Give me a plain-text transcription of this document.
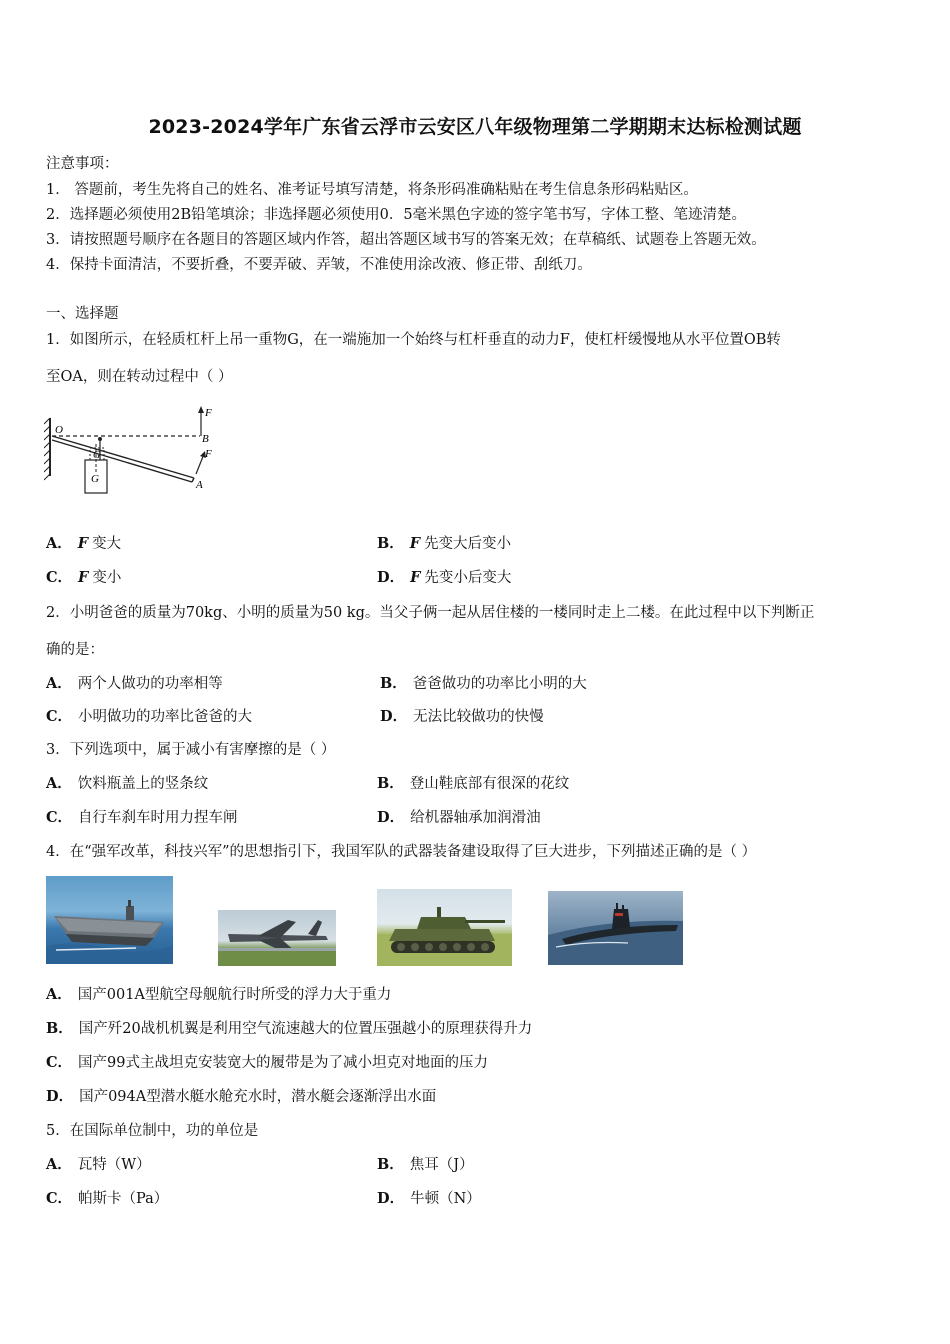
2023-2024学年广东省云浮市云安区八年级物理第二学期期末达标检测试题
注意事项：
1． 答题前，考生先将自己的姓名、准考证号填写清楚，将条形码准确粘贴在考生信息条形码粘贴区。
2．选择题必须使用2B铅笔填涂；非选择题必须使用0．5毫米黑色字迹的签字笔书写，字体工整、笔迹清楚。
3．请按照题号顺序在各题目的答题区域内作答，超出答题区域书写的答案无效；在草稿纸、试题卷上答题无效。
4．保持卡面清洁，不要折叠，不要弄破、弄皱，不准使用涂改液、修正带、刮纸刀。
一、选择题
1．如图所示，在轻质杠杆上吊一重物G，在一端施加一个始终与杠杆垂直的动力F，使杠杆缓慢地从水平位置OB转
至OA，则在转动过程中（ ）
O
B
A
F
F
G
G
A． F 变大	B． F 先变大后变小
C． F 变小	D． F 先变小后变大
2．小明爸爸的质量为70kg、小明的质量为50 kg。当父子俩一起从居住楼的一楼同时走上二楼。在此过程中以下判断正
确的是：
A． 两个人做功的功率相等	B． 爸爸做功的功率比小明的大
C． 小明做功的功率比爸爸的大	D． 无法比较做功的快慢
3．下列选项中，属于减小有害摩擦的是（ ）
A． 饮料瓶盖上的竖条纹	B． 登山鞋底部有很深的花纹
C． 自行车刹车时用力捏车闸	D． 给机器轴承加润滑油
4．在“强军改革，科技兴军”的思想指引下，我国军队的武器装备建设取得了巨大进步，下列描述正确的是（ ）
A． 国产001A型航空母舰航行时所受的浮力大于重力
B． 国产歼20战机机翼是利用空气流速越大的位置压强越小的原理获得升力
C． 国产99式主战坦克安装宽大的履带是为了减小坦克对地面的压力
D． 国产094A型潜水艇水舱充水时，潜水艇会逐渐浮出水面
5．在国际单位制中，功的单位是
A． 瓦特（W）	B． 焦耳（J）
C． 帕斯卡（Pa）	D． 牛顿（N）
